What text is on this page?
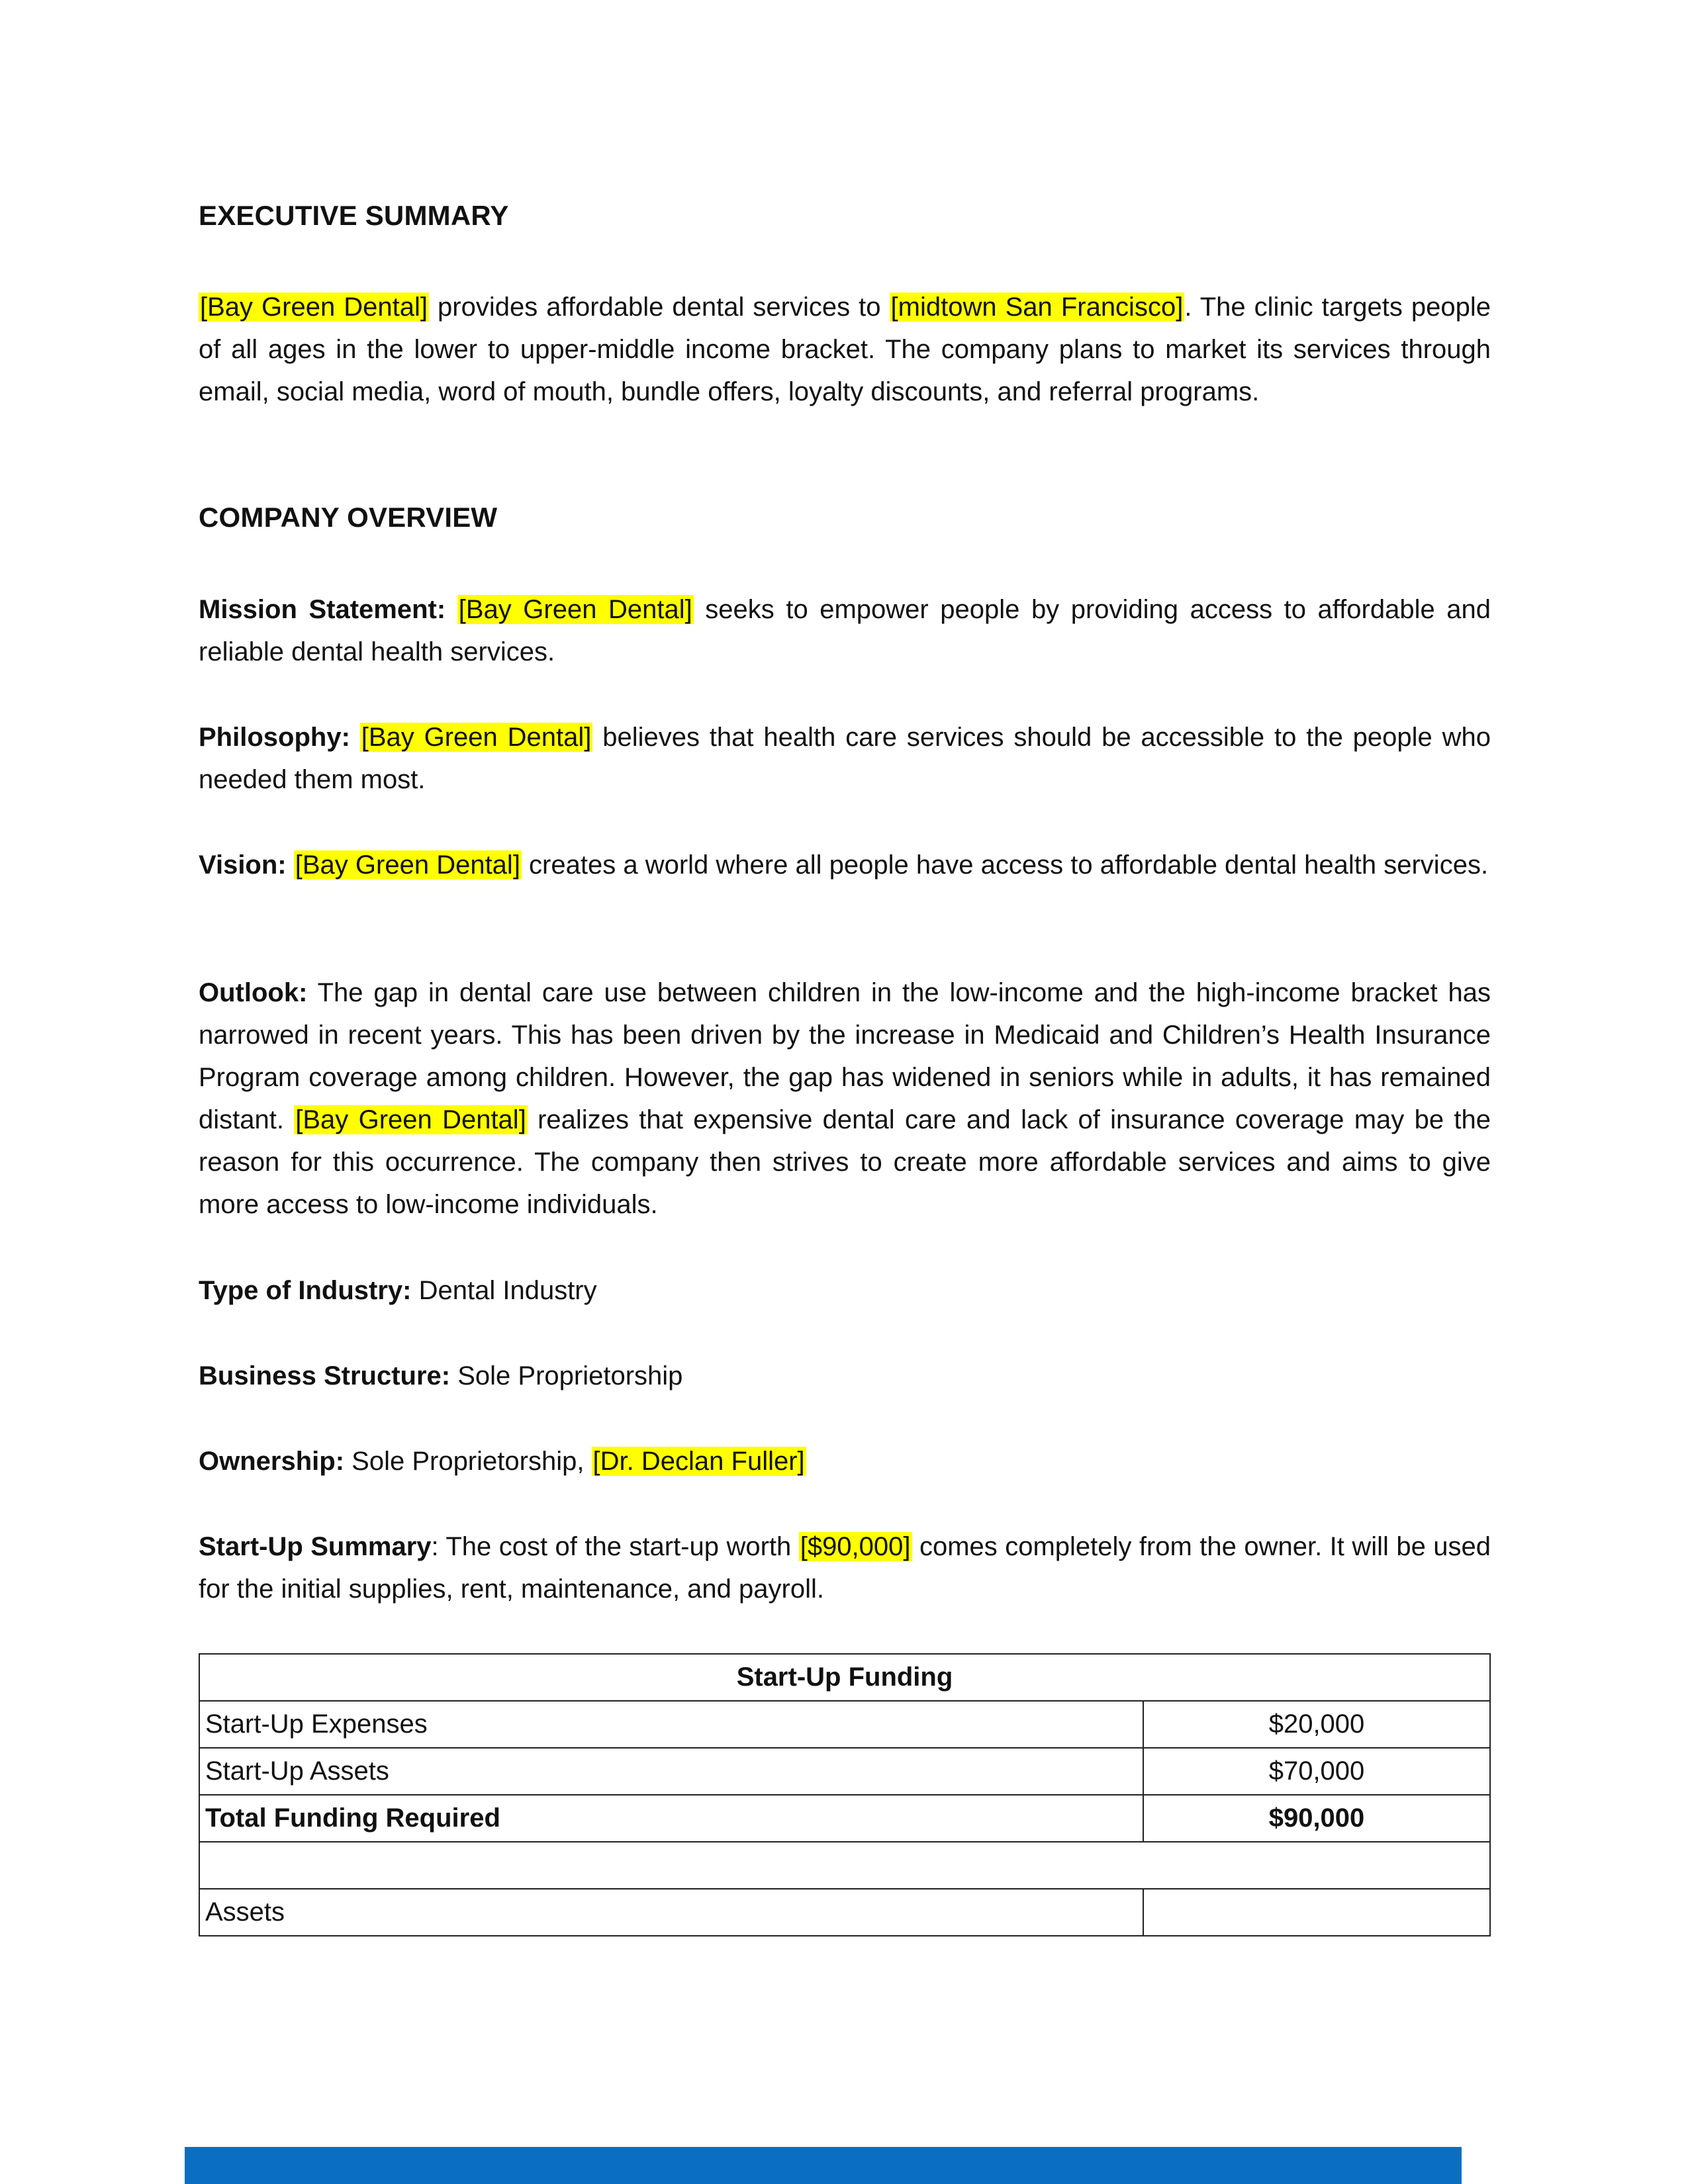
EXECUTIVE SUMMARY
[Bay Green Dental] provides affordable dental services to [midtown San Francisco]. The clinic targets people of all ages in the lower to upper-middle income bracket. The company plans to market its services through email, social media, word of mouth, bundle offers, loyalty discounts, and referral programs.
COMPANY OVERVIEW
Mission Statement: [Bay Green Dental] seeks to empower people by providing access to affordable and reliable dental health services.
Philosophy: [Bay Green Dental] believes that health care services should be accessible to the people who needed them most.
Vision: [Bay Green Dental] creates a world where all people have access to affordable dental health services.
Outlook: The gap in dental care use between children in the low-income and the high-income bracket has narrowed in recent years. This has been driven by the increase in Medicaid and Children’s Health Insurance Program coverage among children. However, the gap has widened in seniors while in adults, it has remained distant. [Bay Green Dental] realizes that expensive dental care and lack of insurance coverage may be the reason for this occurrence. The company then strives to create more affordable services and aims to give more access to low-income individuals.
Type of Industry: Dental Industry
Business Structure: Sole Proprietorship
Ownership: Sole Proprietorship, [Dr. Declan Fuller]
Start-Up Summary: The cost of the start-up worth [$90,000] comes completely from the owner. It will be used for the initial supplies, rent, maintenance, and payroll.
Start-Up Funding	
Start-Up Expenses	$20,000
Start-Up Assets	$70,000
Total Funding Required	$90,000

Assets	
